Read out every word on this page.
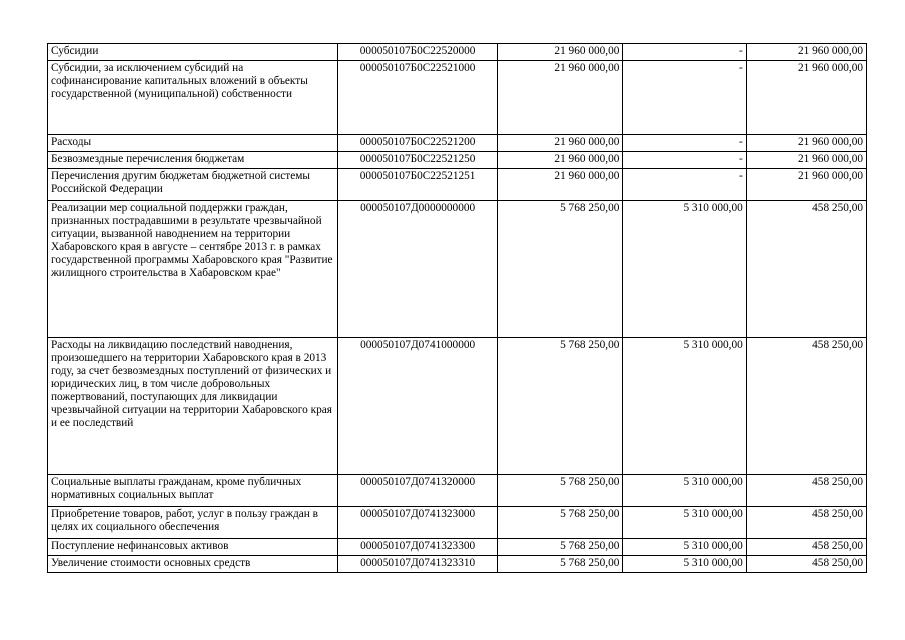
Субсидии	000050107Б0С22520000	21 960 000,00	-	21 960 000,00
Субсидии, за исключением субсидий на софинансирование капитальных вложений в объекты государственной (муниципальной) собственности	000050107Б0С22521000	21 960 000,00	-	21 960 000,00
Расходы	000050107Б0С22521200	21 960 000,00	-	21 960 000,00
Безвозмездные перечисления бюджетам	000050107Б0С22521250	21 960 000,00	-	21 960 000,00
Перечисления другим бюджетам бюджетной системы Российской Федерации	000050107Б0С22521251	21 960 000,00	-	21 960 000,00
Реализации мер социальной поддержки граждан, признанных пострадавшими в результате чрезвычайной ситуации, вызванной наводнением на территории Хабаровского края в августе – сентябре 2013 г. в рамках государственной программы Хабаровского края "Развитие жилищного строительства в Хабаровском крае"	000050107Д0000000000	5 768 250,00	5 310 000,00	458 250,00
Расходы на ликвидацию последствий наводнения, произошедшего на территории Хабаровского края в 2013 году, за счет безвозмездных поступлений от физических и юридических лиц, в том числе добровольных пожертвований, поступающих для ликвидации чрезвычайной ситуации на территории Хабаровского края и ее последствий	000050107Д0741000000	5 768 250,00	5 310 000,00	458 250,00
Социальные выплаты гражданам, кроме публичных нормативных социальных выплат	000050107Д0741320000	5 768 250,00	5 310 000,00	458 250,00
Приобретение товаров, работ, услуг в пользу граждан в целях их социального обеспечения	000050107Д0741323000	5 768 250,00	5 310 000,00	458 250,00
Поступление нефинансовых активов	000050107Д0741323300	5 768 250,00	5 310 000,00	458 250,00
Увеличение стоимости основных средств	000050107Д0741323310	5 768 250,00	5 310 000,00	458 250,00
